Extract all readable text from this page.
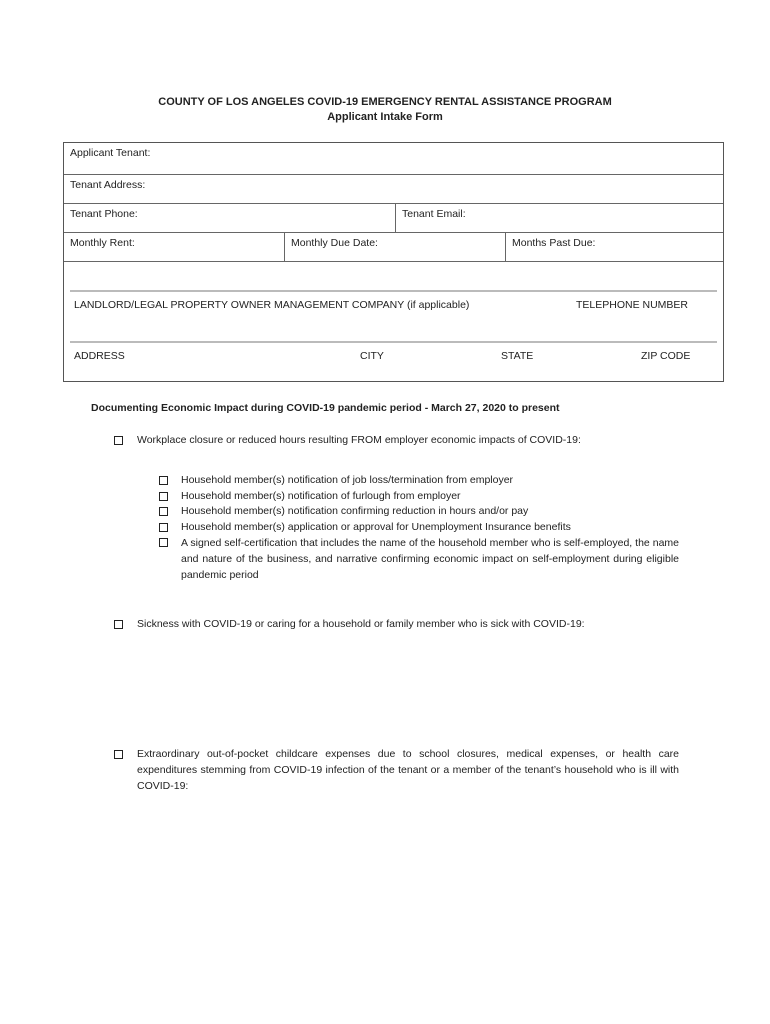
COUNTY OF LOS ANGELES COVID-19 EMERGENCY RENTAL ASSISTANCE PROGRAM
Applicant Intake Form
Applicant Tenant:
Tenant Address:
Tenant Phone:	Tenant Email:
Monthly Rent:	Monthly Due Date:	Months Past Due:
LANDLORD/LEGAL PROPERTY OWNER MANAGEMENT COMPANY (if applicable)	TELEPHONE NUMBER
ADDRESS	CITY	STATE	ZIP CODE
Documenting Economic Impact during COVID-19 pandemic period - March 27, 2020 to present
Workplace closure or reduced hours resulting FROM employer economic impacts of COVID-19:
Household member(s) notification of job loss/termination from employer
Household member(s) notification of furlough from employer
Household member(s) notification confirming reduction in hours and/or pay
Household member(s) application or approval for Unemployment Insurance benefits
A signed self-certification that includes the name of the household member who is self-employed, the name and nature of the business, and narrative confirming economic impact on self-employment during eligible pandemic period
Sickness with COVID-19 or caring for a household or family member who is sick with COVID-19:
Extraordinary out-of-pocket childcare expenses due to school closures, medical expenses, or health care expenditures stemming from COVID-19 infection of the tenant or a member of the tenant’s household who is ill with COVID-19:
